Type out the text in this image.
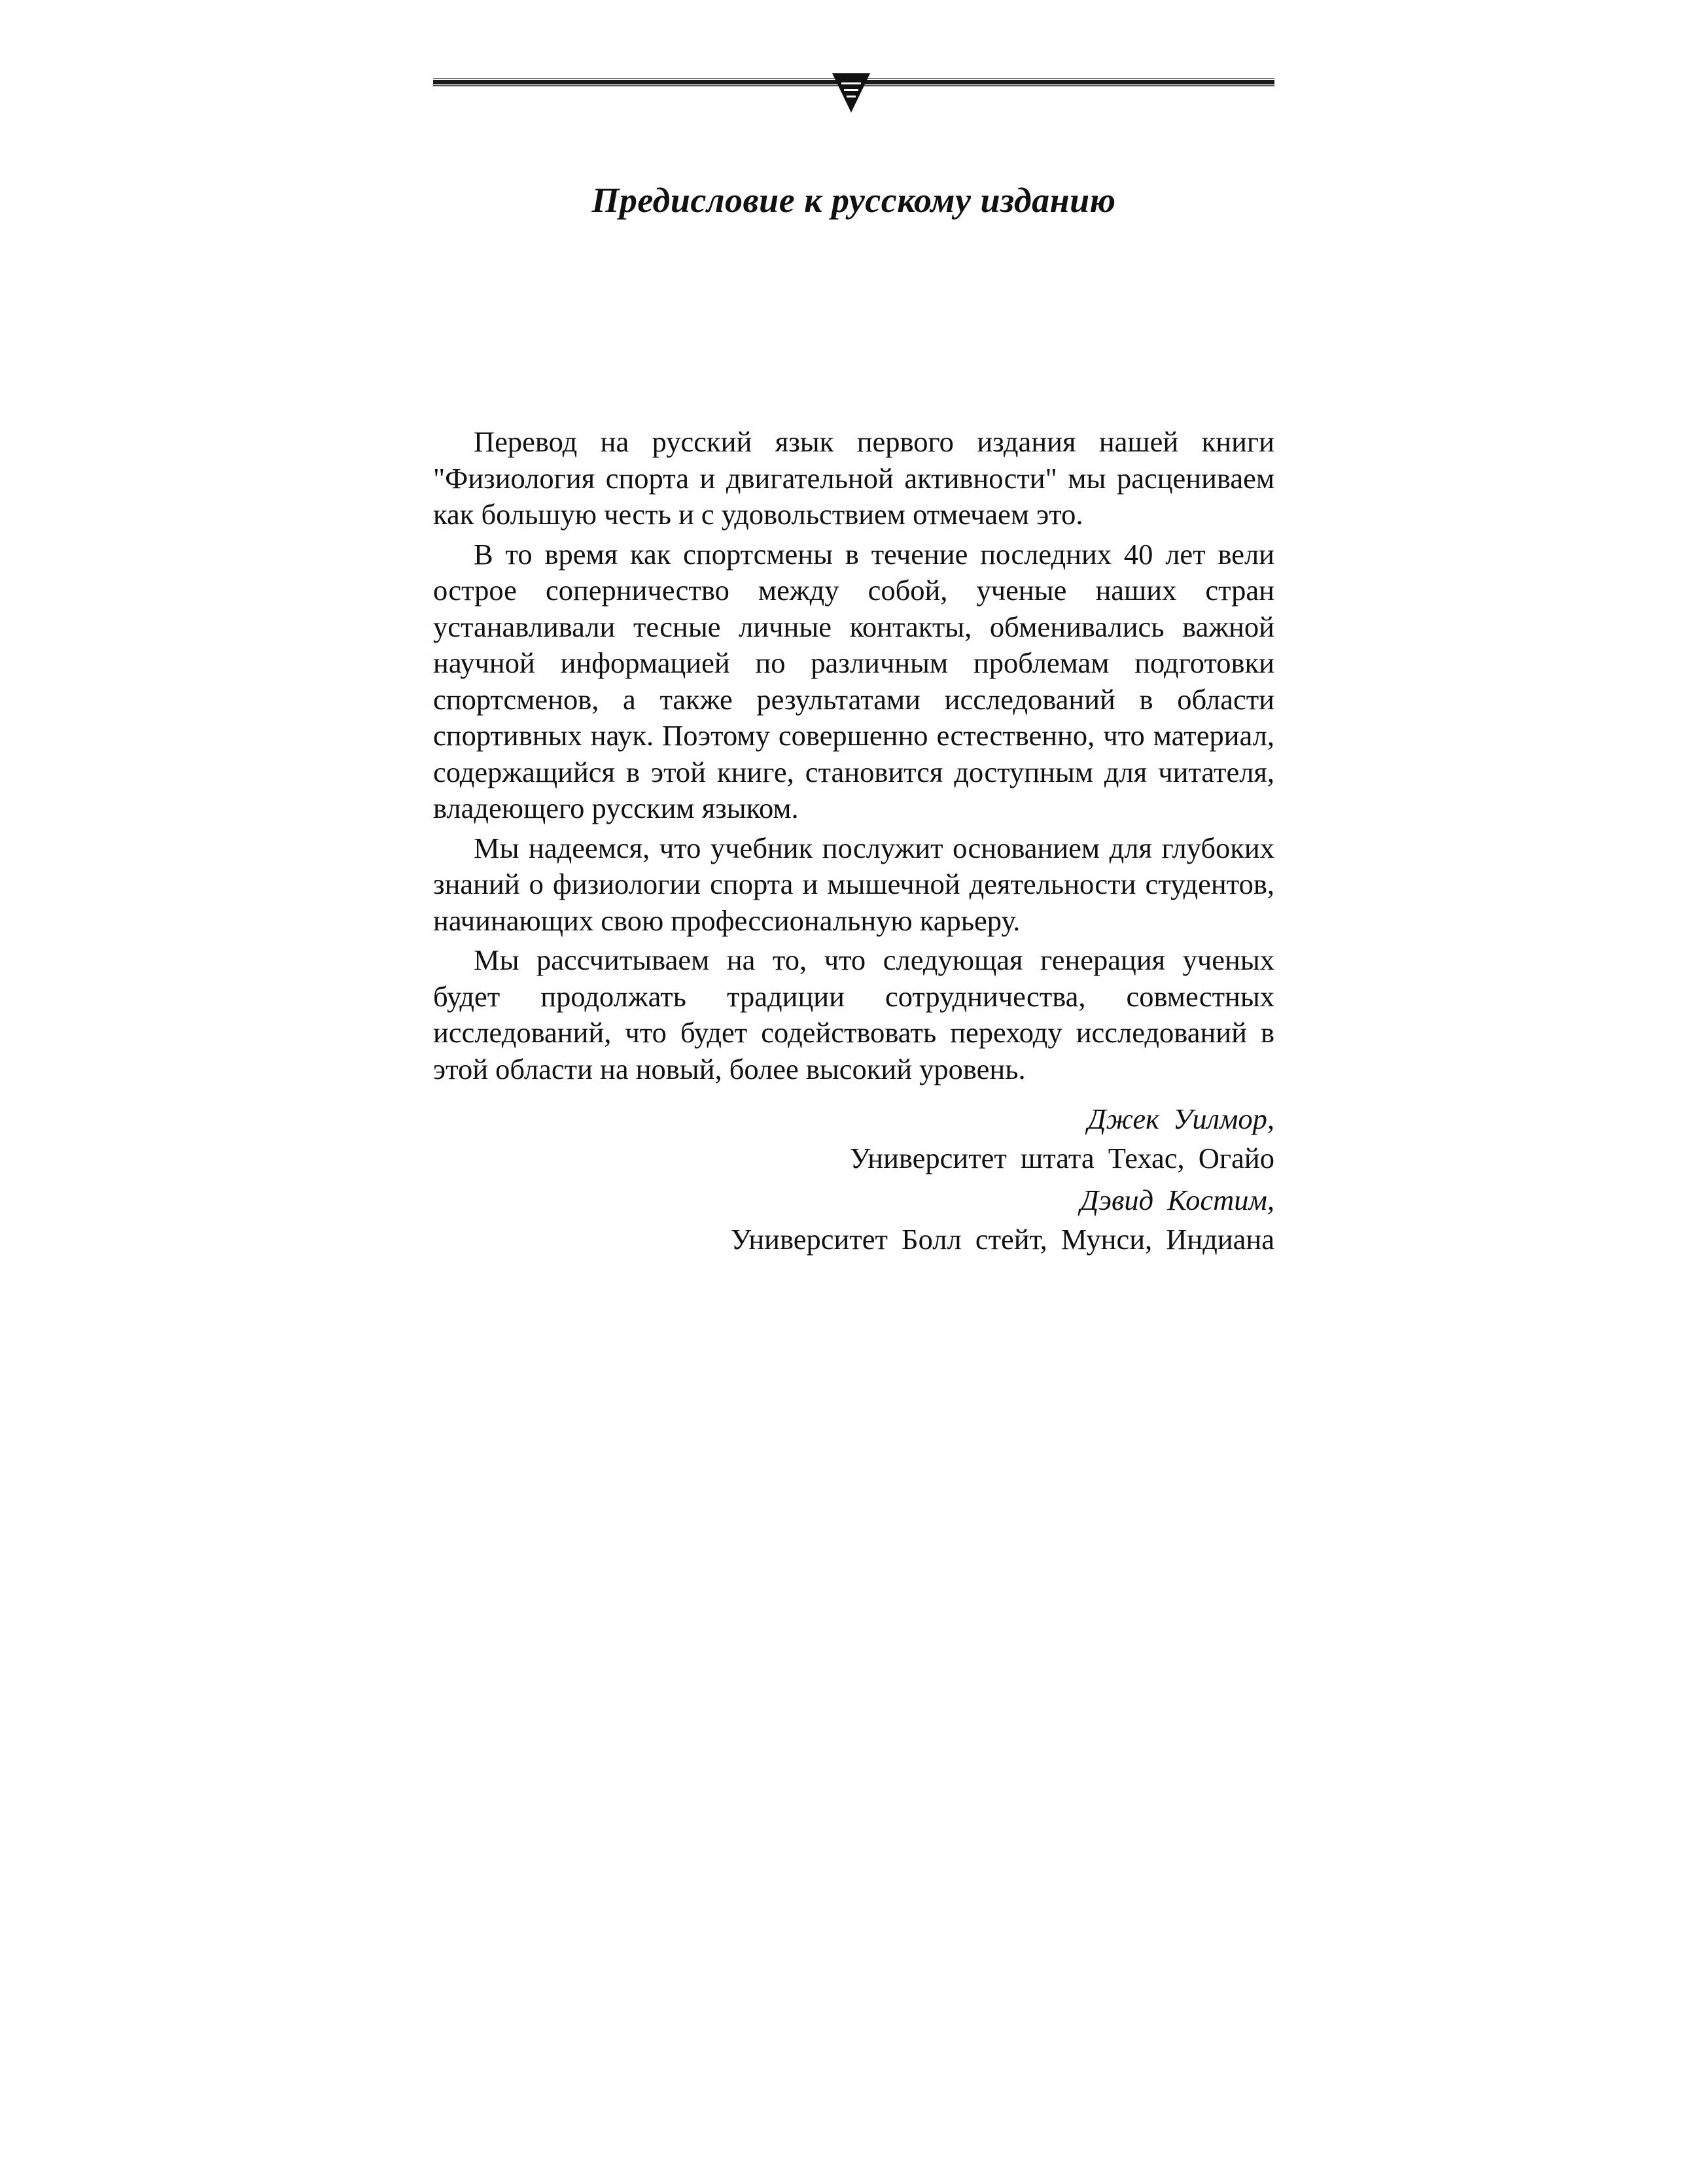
Предисловие к русскому изданию

Перевод на русский язык первого издания нашей книги "Физиология спорта и двигательной активности" мы расцениваем как большую честь и с удовольствием отмечаем это.

В то время как спортсмены в течение последних 40 лет вели острое соперничество между собой, ученые наших стран устанавливали тесные личные контакты, обменивались важной научной информацией по различным проблемам подготовки спортсменов, а также результатами исследований в области спортивных наук. Поэтому совершенно естественно, что материал, содержащийся в этой книге, становится доступным для читателя, владеющего русским языком.

Мы надеемся, что учебник послужит основанием для глубоких знаний о физиологии спорта и мышечной деятельности студентов, начинающих свою профессиональную карьеру.

Мы рассчитываем на то, что следующая генерация ученых будет продолжать традиции сотрудничества, совместных исследований, что будет содействовать переходу исследований в этой области на новый, более высокий уровень.

Джек Уилмор,
Университет штата Техас, Огайо
Дэвид Костим,
Университет Болл стейт, Мунси, Индиана
